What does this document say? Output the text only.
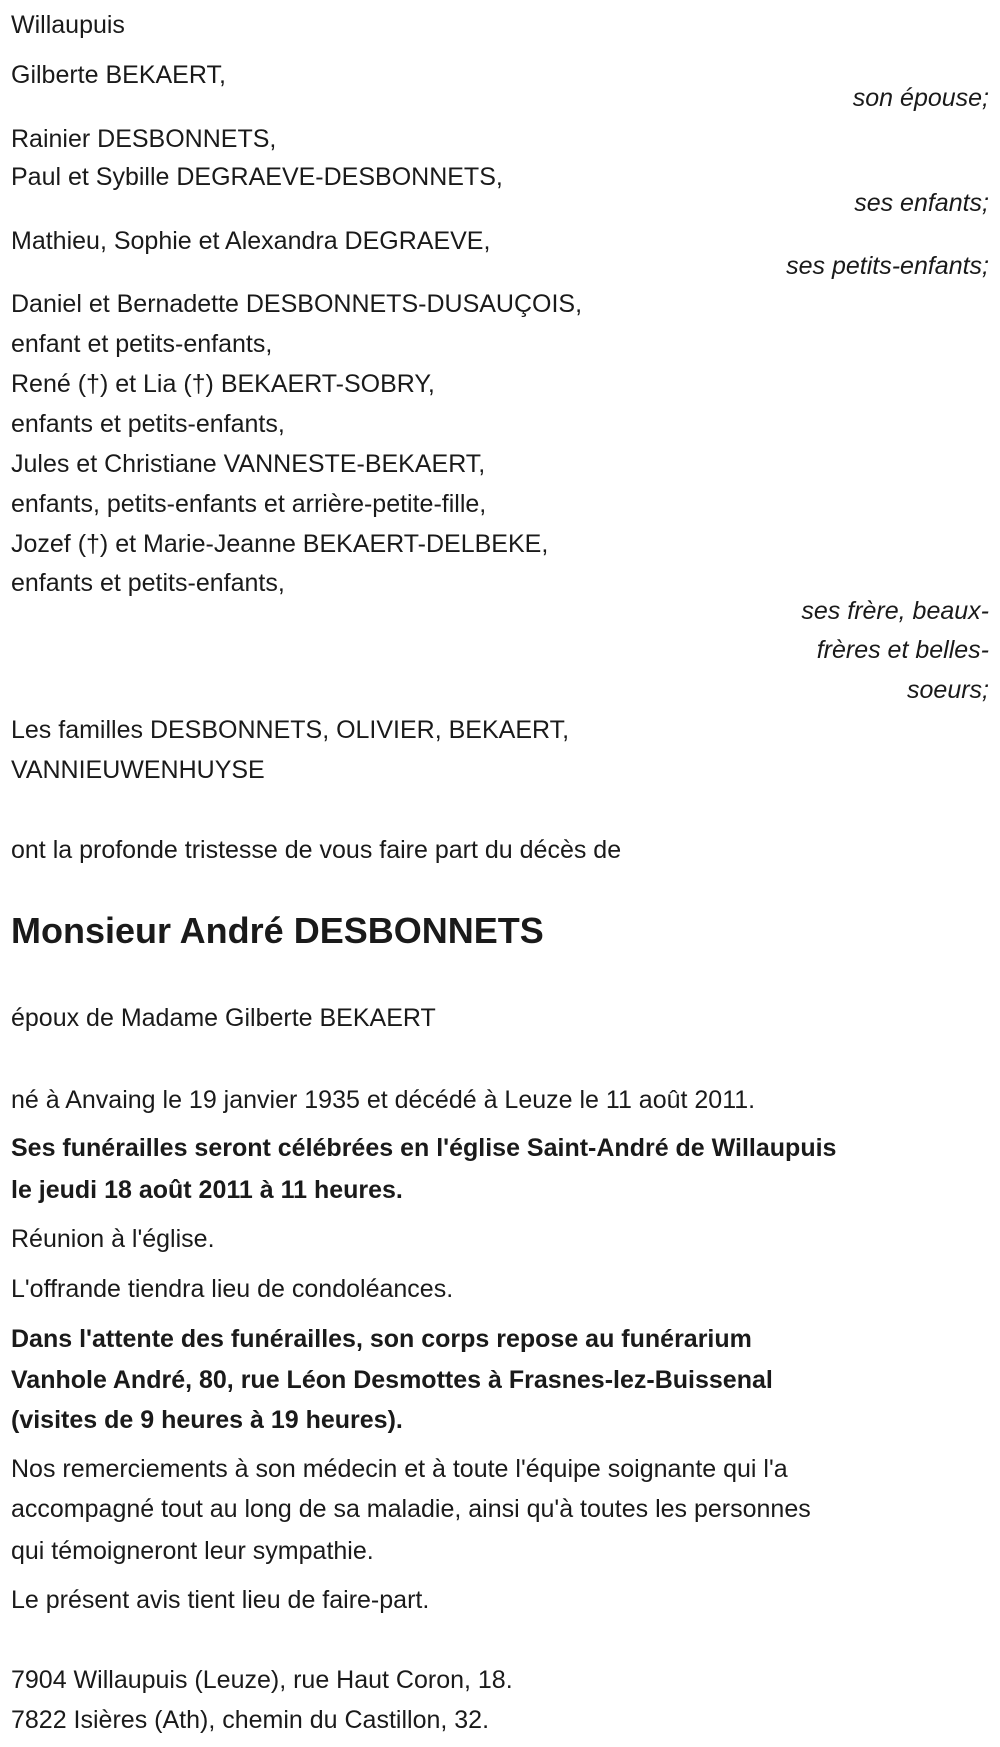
Willaupuis
Gilberte BEKAERT,
son épouse;
Rainier DESBONNETS,
Paul et Sybille DEGRAEVE-DESBONNETS,
ses enfants;
Mathieu, Sophie et Alexandra DEGRAEVE,
ses petits-enfants;
Daniel et Bernadette DESBONNETS-DUSAUÇOIS,
enfant et petits-enfants,
René (†) et Lia (†) BEKAERT-SOBRY,
enfants et petits-enfants,
Jules et Christiane VANNESTE-BEKAERT,
enfants, petits-enfants et arrière-petite-fille,
Jozef (†) et Marie-Jeanne BEKAERT-DELBEKE,
enfants et petits-enfants,
ses frère, beaux-
frères et belles-
soeurs;
Les familles DESBONNETS, OLIVIER, BEKAERT,
VANNIEUWENHUYSE
ont la profonde tristesse de vous faire part du décès de
Monsieur André DESBONNETS
époux de Madame Gilberte BEKAERT
né à Anvaing le 19 janvier 1935 et décédé à Leuze le 11 août 2011.
Ses funérailles seront célébrées en l'église Saint-André de Willaupuis
le jeudi 18 août 2011 à 11 heures.
Réunion à l'église.
L'offrande tiendra lieu de condoléances.
Dans l'attente des funérailles, son corps repose au funérarium
Vanhole André, 80, rue Léon Desmottes à Frasnes-lez-Buissenal
(visites de 9 heures à 19 heures).
Nos remerciements à son médecin et à toute l'équipe soignante qui l'a
accompagné tout au long de sa maladie, ainsi qu'à toutes les personnes
qui témoigneront leur sympathie.
Le présent avis tient lieu de faire-part.
7904 Willaupuis (Leuze), rue Haut Coron, 18.
7822 Isières (Ath), chemin du Castillon, 32.
